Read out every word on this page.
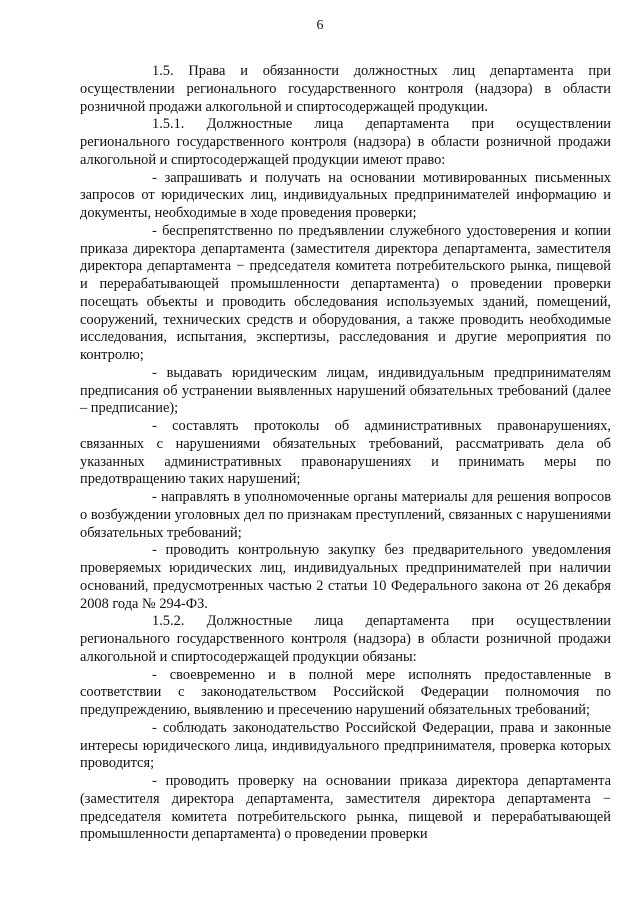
6

1.5. Права и обязанности должностных лиц департамента при осуществлении регионального государственного контроля (надзора) в области розничной продажи алкогольной и спиртосодержащей продукции.

1.5.1. Должностные лица департамента при осуществлении регионального государственного контроля (надзора) в области розничной продажи алкогольной и спиртосодержащей продукции имеют право:

- запрашивать и получать на основании мотивированных письменных запросов от юридических лиц, индивидуальных предпринимателей информацию и документы, необходимые в ходе проведения проверки;

- беспрепятственно по предъявлении служебного удостоверения и копии приказа директора департамента (заместителя директора департамента, заместителя директора департамента − председателя комитета потребительского рынка, пищевой и перерабатывающей промышленности департамента) о проведении проверки посещать объекты и проводить обследования используемых зданий, помещений, сооружений, технических средств и оборудования, а также проводить необходимые исследования, испытания, экспертизы, расследования и другие мероприятия по контролю;

- выдавать юридическим лицам, индивидуальным предпринимателям предписания об устранении выявленных нарушений обязательных требований (далее – предписание);

- составлять протоколы об административных правонарушениях, связанных с нарушениями обязательных требований, рассматривать дела об указанных административных правонарушениях и принимать меры по предотвращению таких нарушений;

- направлять в уполномоченные органы материалы для решения вопросов о возбуждении уголовных дел по признакам преступлений, связанных с нарушениями обязательных требований;

- проводить контрольную закупку без предварительного уведомления проверяемых юридических лиц, индивидуальных предпринимателей при наличии оснований, предусмотренных частью 2 статьи 10 Федерального закона от 26 декабря 2008 года № 294-ФЗ.

1.5.2. Должностные лица департамента при осуществлении регионального государственного контроля (надзора) в области розничной продажи алкогольной и спиртосодержащей продукции обязаны:

- своевременно и в полной мере исполнять предоставленные в соответствии с законодательством Российской Федерации полномочия по предупреждению, выявлению и пресечению нарушений обязательных требований;

- соблюдать законодательство Российской Федерации, права и законные интересы юридического лица, индивидуального предпринимателя, проверка которых проводится;

- проводить проверку на основании приказа директора департамента (заместителя директора департамента, заместителя директора департамента − председателя комитета потребительского рынка, пищевой и перерабатывающей промышленности департамента) о проведении проверки
